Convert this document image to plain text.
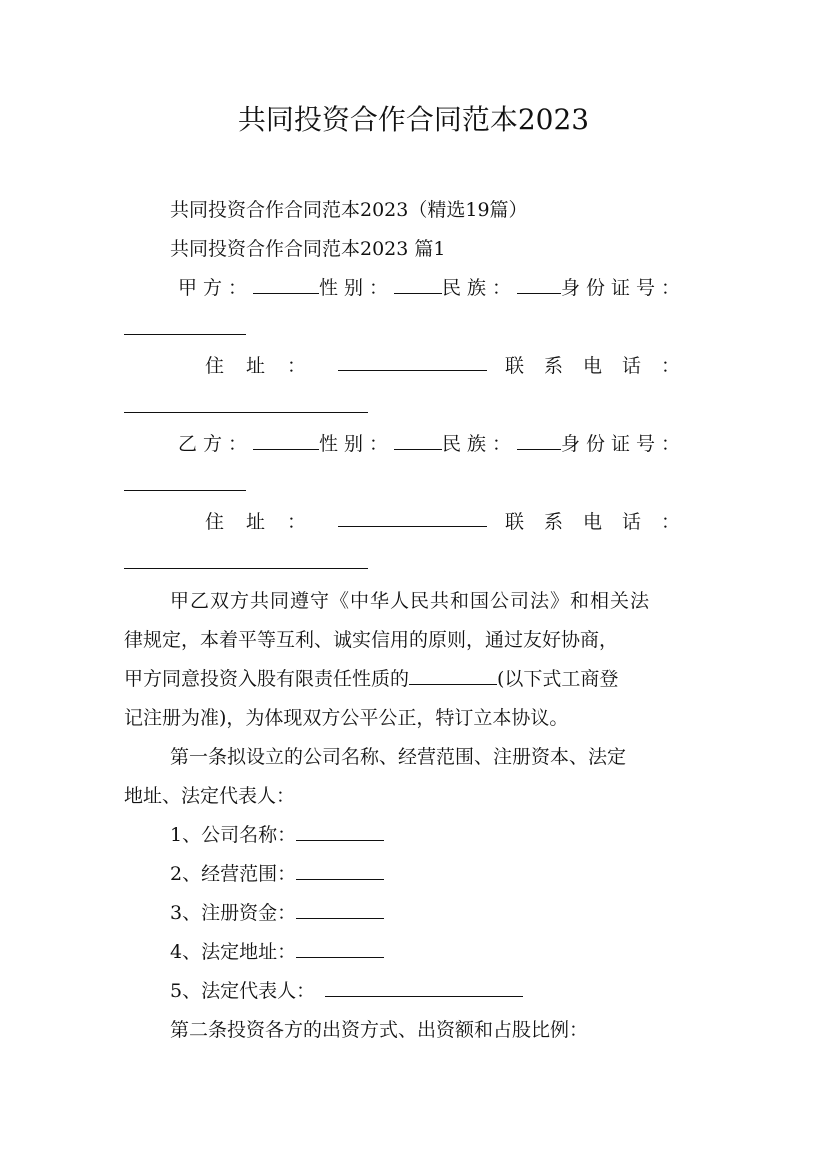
共同投资合作合同范本2023
共同投资合作合同范本2023（精选19篇）
共同投资合作合同范本2023 篇1
甲方：	性别：	民族： 身份证号：
住址：	联系电话：
乙方：	性别：	民族： 身份证号：
住址：	联系电话：
甲乙双方共同遵守《中华人民共和国公司法》和相关法
律规定，本着平等互利、诚实信用的原则，通过友好协商，
甲方同意投资入股有限责任性质的	(以下式工商登
记注册为准)，为体现双方公平公正，特订立本协议。
第一条拟设立的公司名称、经营范围、注册资本、法定
地址、法定代表人：
1、公司名称：
2、经营范围：
3、注册资金：
4、法定地址：
5、法定代表人：
第二条投资各方的出资方式、出资额和占股比例：
